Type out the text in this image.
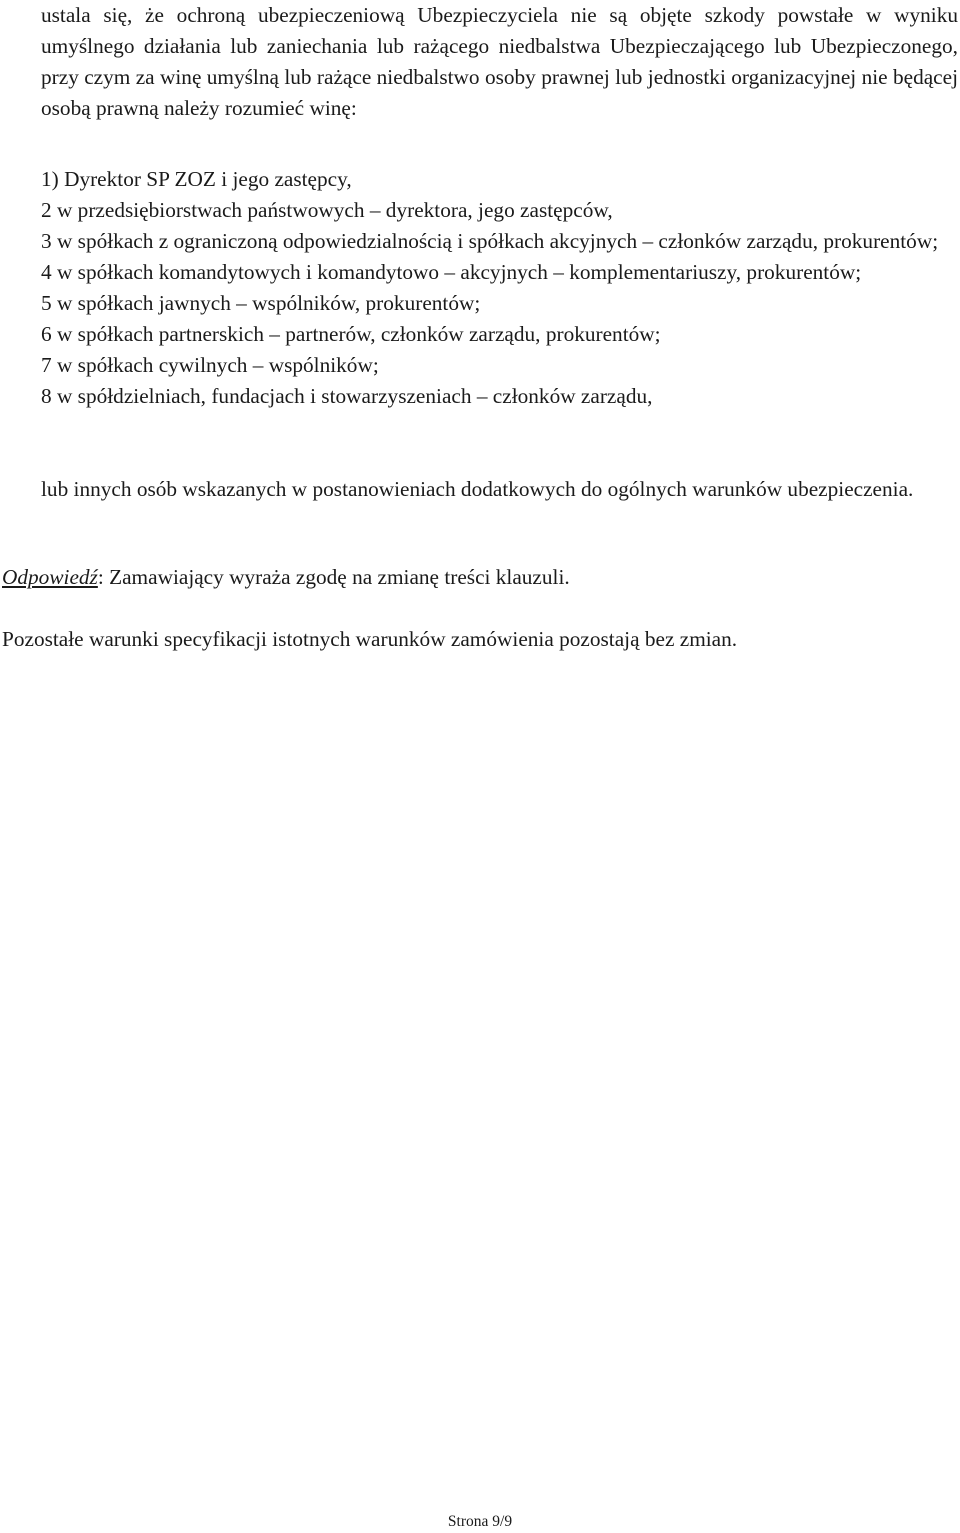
ustala się, że ochroną ubezpieczeniową Ubezpieczyciela nie są objęte szkody powstałe w wyniku umyślnego działania lub zaniechania lub rażącego niedbalstwa Ubezpieczającego lub Ubezpieczonego, przy czym za winę umyślną lub rażące niedbalstwo osoby prawnej lub jednostki organizacyjnej nie będącej osobą prawną należy rozumieć winę:

1) Dyrektor SP ZOZ i jego zastępcy,
2 w przedsiębiorstwach państwowych – dyrektora, jego zastępców,
3 w spółkach z ograniczoną odpowiedzialnością i spółkach akcyjnych – członków zarządu, prokurentów;
4 w spółkach komandytowych i komandytowo – akcyjnych – komplementariuszy, prokurentów;
5 w spółkach jawnych – wspólników, prokurentów;
6 w spółkach partnerskich – partnerów, członków zarządu, prokurentów;
7 w spółkach cywilnych – wspólników;
8 w spółdzielniach, fundacjach i stowarzyszeniach – członków zarządu,

lub innych osób wskazanych w postanowieniach dodatkowych do ogólnych warunków ubezpieczenia.

Odpowiedź: Zamawiający wyraża zgodę na zmianę treści klauzuli.

Pozostałe warunki specyfikacji istotnych warunków zamówienia pozostają bez zmian.

Strona 9/9
